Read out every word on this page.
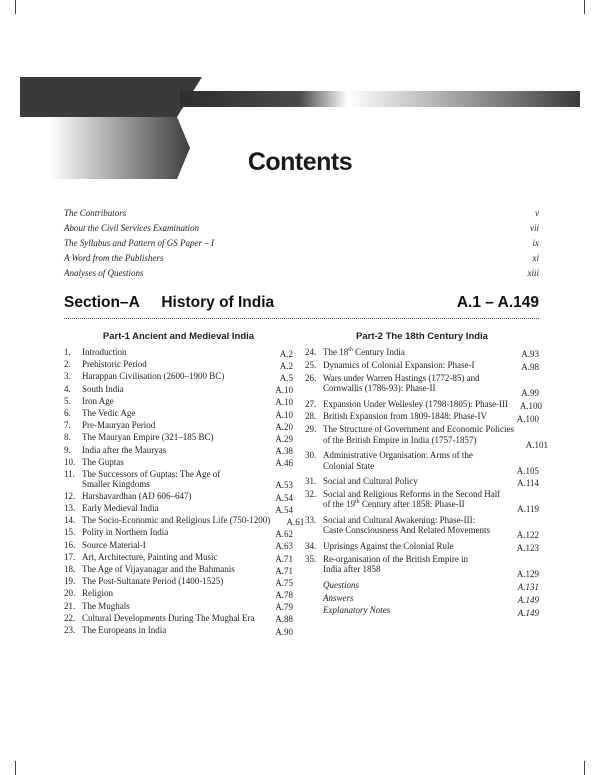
Contents
The Contributors	v
About the Civil Services Examination	vii
The Syllabus and Pattern of GS Paper – I	ix
A Word from the Publishers	xi
Analyses of Questions	xiii
Section–A History of India	A.1 – A.149
Part-1 Ancient and Medieval India
1.	Introduction	A.2
2.	Prehistoric Period	A.2
3.	Harappan Civilisation (2600–1900 BC)	A.5
4.	South India	A.10
5.	Iron Age	A.10
6.	The Vedic Age	A.10
7.	Pre-Mauryan Period	A.20
8.	The Mauryan Empire (321–185 BC)	A.29
9.	India after the Mauryas	A.38
10. The Guptas	A.46
11. The Successors of Guptas: The Age of
Smaller Kingdoms	A.53
12. Harshavardhan (AD 606–647)	A.54
13. Early Medieval India	A.54
14. The Socio-Economic and Religious Life (750-1200)	A.61
15. Polity in Northern India	A.62
16. Source Material-I	A.63
17. Art, Architecture, Painting and Music	A.71
18. The Age of Vijayanagar and the Bahmanis	A.71
19. The Post-Sultanate Period (1400-1525)	A.75
20. Religion	A.78
21. The Mughals	A.79
22. Cultural Developments During The Mughal Era	A.88
23. The Europeans in India	A.90
Part-2 The 18th Century India
24. The 18th Century India	A.93
25. Dynamics of Colonial Expansion: Phase-I	A.98
26. Wars under Warren Hastings (1772-85) and
Cornwallis (1786-93): Phase-II	A.99
27. Expansion Under Wellesley (1798-1805): Phase-III	A.100
28. British Expansion from 1809-1848: Phase-IV	A.100
29. The Structure of Government and Economic Policies
of the British Empire in India (1757-1857)	A.101
30. Administrative Organisation: Arms of the
Colonial State	A.105
31. Social and Cultural Policy	A.114
32. Social and Religious Reforms in the Second Half
of the 19th Century after 1858: Phase-II	A.119
33. Social and Cultural Awakening: Phase-III:
Caste Consciousness And Related Movements	A.122
34. Uprisings Against the Colonial Rule	A.123
35. Re-organisation of the British Empire in
India after 1858	A.129
Questions	A.131
Answers	A.149
Explanatory Notes	A.149
